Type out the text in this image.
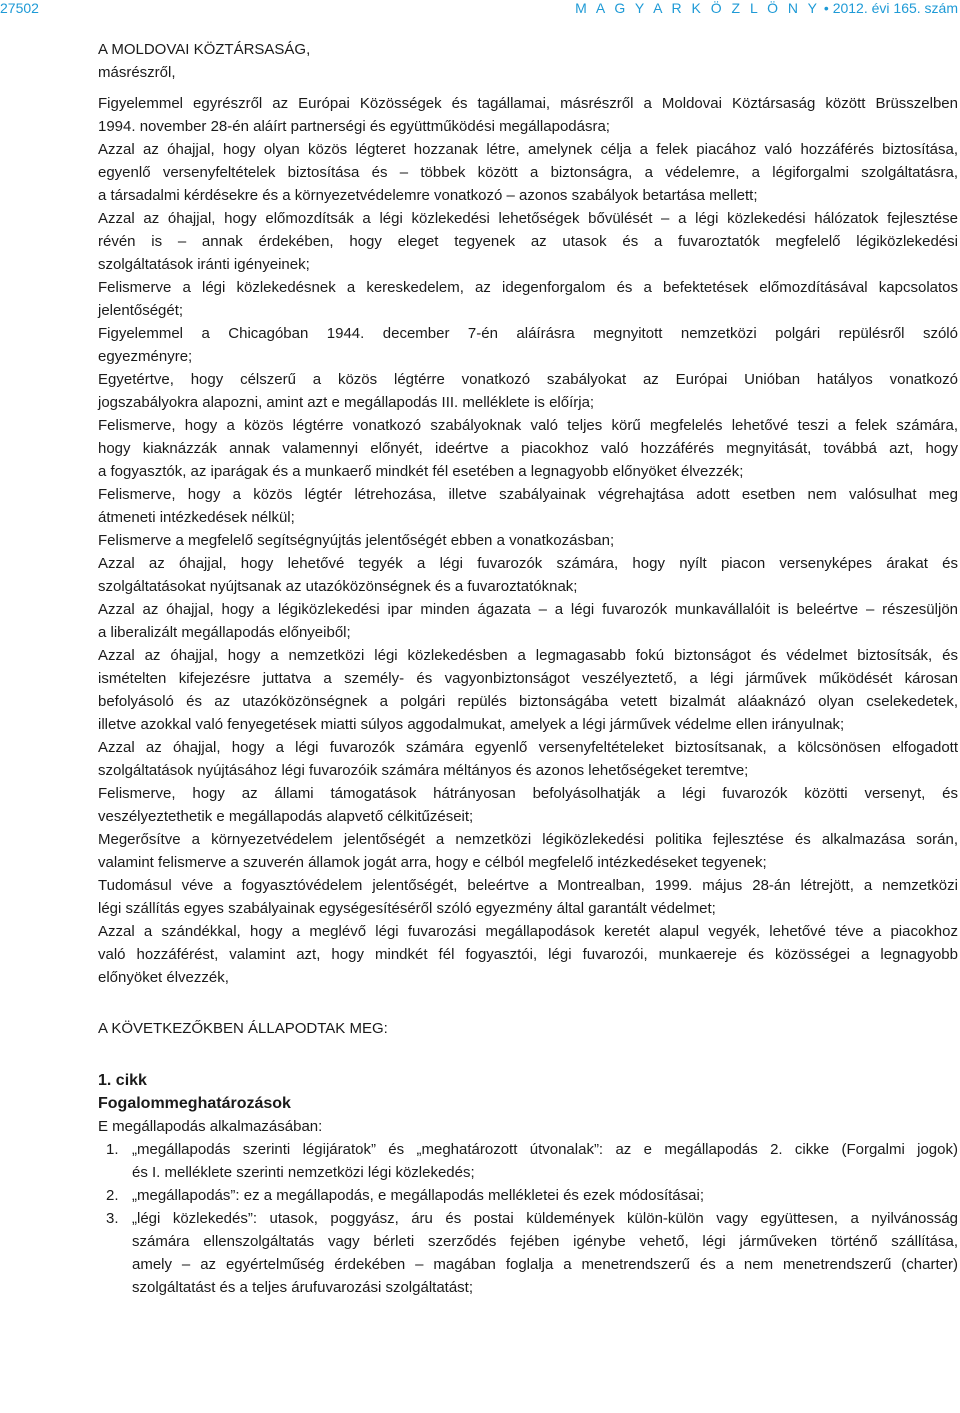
27502	M A G Y A R K Ö Z L Ö N Y • 2012. évi 165. szám
A MOLDOVAI KÖZTÁRSASÁG,
másrészről,
Figyelemmel egyrészről az Európai Közösségek és tagállamai, másrészről a Moldovai Köztársaság között Brüsszelben
1994. november 28-én aláírt partnerségi és együttműködési megállapodásra;
Azzal az óhajjal, hogy olyan közös légteret hozzanak létre, amelynek célja a felek piacához való hozzáférés biztosítása,
egyenlő versenyfeltételek biztosítása és – többek között a biztonságra, a védelemre, a légiforgalmi szolgáltatásra,
a társadalmi kérdésekre és a környezetvédelemre vonatkozó – azonos szabályok betartása mellett;
Azzal az óhajjal, hogy előmozdítsák a légi közlekedési lehetőségek bővülését – a légi közlekedési hálózatok fejlesztése
révén is – annak érdekében, hogy eleget tegyenek az utasok és a fuvaroztatók megfelelő légiközlekedési
szolgáltatások iránti igényeinek;
Felismerve a légi közlekedésnek a kereskedelem, az idegenforgalom és a befektetések előmozdításával kapcsolatos
jelentőségét;
Figyelemmel a Chicagóban 1944. december 7-én aláírásra megnyitott nemzetközi polgári repülésről szóló
egyezményre;
Egyetértve, hogy célszerű a közös légtérre vonatkozó szabályokat az Európai Unióban hatályos vonatkozó
jogszabályokra alapozni, amint azt e megállapodás III. melléklete is előírja;
Felismerve, hogy a közös légtérre vonatkozó szabályoknak való teljes körű megfelelés lehetővé teszi a felek számára,
hogy kiaknázzák annak valamennyi előnyét, ideértve a piacokhoz való hozzáférés megnyitását, továbbá azt, hogy
a fogyasztók, az iparágak és a munkaerő mindkét fél esetében a legnagyobb előnyöket élvezzék;
Felismerve, hogy a közös légtér létrehozása, illetve szabályainak végrehajtása adott esetben nem valósulhat meg
átmeneti intézkedések nélkül;
Felismerve a megfelelő segítségnyújtás jelentőségét ebben a vonatkozásban;
Azzal az óhajjal, hogy lehetővé tegyék a légi fuvarozók számára, hogy nyílt piacon versenyképes árakat és
szolgáltatásokat nyújtsanak az utazóközönségnek és a fuvaroztatóknak;
Azzal az óhajjal, hogy a légiközlekedési ipar minden ágazata – a légi fuvarozók munkavállalóit is beleértve – részesüljön
a liberalizált megállapodás előnyeiből;
Azzal az óhajjal, hogy a nemzetközi légi közlekedésben a legmagasabb fokú biztonságot és védelmet biztosítsák, és
ismételten kifejezésre juttatva a személy- és vagyonbiztonságot veszélyeztető, a légi járművek működését károsan
befolyásoló és az utazóközönségnek a polgári repülés biztonságába vetett bizalmát aláaknázó olyan cselekedetek,
illetve azokkal való fenyegetések miatti súlyos aggodalmukat, amelyek a légi járművek védelme ellen irányulnak;
Azzal az óhajjal, hogy a légi fuvarozók számára egyenlő versenyfeltételeket biztosítsanak, a kölcsönösen elfogadott
szolgáltatások nyújtásához légi fuvarozóik számára méltányos és azonos lehetőségeket teremtve;
Felismerve, hogy az állami támogatások hátrányosan befolyásolhatják a légi fuvarozók közötti versenyt, és
veszélyeztethetik e megállapodás alapvető célkitűzéseit;
Megerősítve a környezetvédelem jelentőségét a nemzetközi légiközlekedési politika fejlesztése és alkalmazása során,
valamint felismerve a szuverén államok jogát arra, hogy e célból megfelelő intézkedéseket tegyenek;
Tudomásul véve a fogyasztóvédelem jelentőségét, beleértve a Montrealban, 1999. május 28-án létrejött, a nemzetközi
légi szállítás egyes szabályainak egységesítéséről szóló egyezmény által garantált védelmet;
Azzal a szándékkal, hogy a meglévő légi fuvarozási megállapodások keretét alapul vegyék, lehetővé téve a piacokhoz
való hozzáférést, valamint azt, hogy mindkét fél fogyasztói, légi fuvarozói, munkaereje és közösségei a legnagyobb
előnyöket élvezzék,
A KÖVETKEZŐKBEN ÁLLAPODTAK MEG:
1. cikk
Fogalommeghatározások
E megállapodás alkalmazásában:
1. „megállapodás szerinti légijáratok” és „meghatározott útvonalak”: az e megállapodás 2. cikke (Forgalmi jogok)
és I. melléklete szerinti nemzetközi légi közlekedés;
2. „megállapodás”: ez a megállapodás, e megállapodás mellékletei és ezek módosításai;
3. „légi közlekedés”: utasok, poggyász, áru és postai küldemények külön-külön vagy együttesen, a nyilvánosság
számára ellenszolgáltatás vagy bérleti szerződés fejében igénybe vehető, légi járműveken történő szállítása,
amely – az egyértelműség érdekében – magában foglalja a menetrendszerű és a nem menetrendszerű (charter)
szolgáltatást és a teljes árufuvarozási szolgáltatást;
